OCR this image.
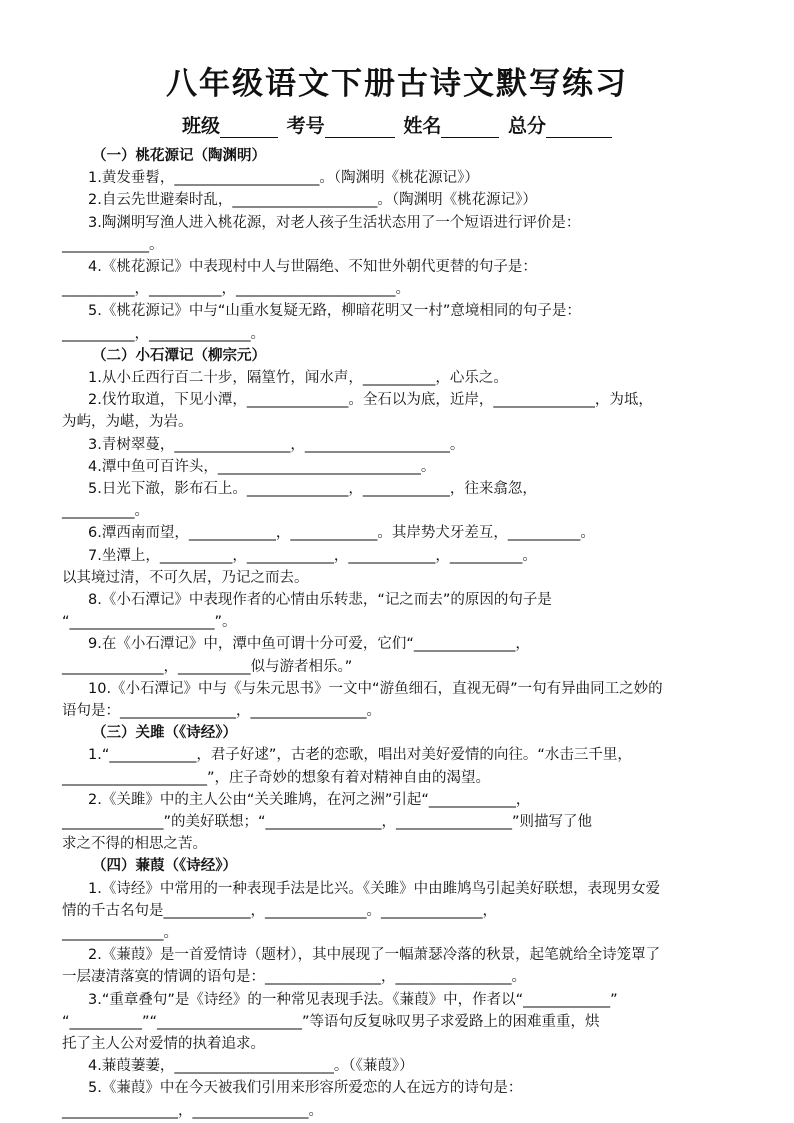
八年级语文下册古诗文默写练习
班级
	考号
	姓名
	总分
（一）桃花源记（陶渊明）
1.黄发垂髫，____________________。（陶渊明《桃花源记》）
2.自云先世避秦时乱，____________________。（陶渊明《桃花源记》）
3.陶渊明写渔人进入桃花源，对老人孩子生活状态用了一个短语进行评价是：
____________。
4.《桃花源记》中表现村中人与世隔绝、不知世外朝代更替的句子是：
__________，__________，______________________。
5.《桃花源记》中与“山重水复疑无路，柳暗花明又一村”意境相同的句子是：
__________，______________。
（二）小石潭记（柳宗元）
1.从小丘西行百二十步，隔篁竹，闻水声，__________，心乐之。
2.伐竹取道，下见小潭，______________。全石以为底，近岸，______________，为坻，
为屿，为嵁，为岩。
3.青树翠蔓，________________，____________________。
4.潭中鱼可百许头，____________________________。
5.日光下澈，影布石上。______________，____________，往来翕忽，
__________。
6.潭西南而望，____________，____________。其岸势犬牙差互，__________。
7.坐潭上，__________，____________，____________，__________。
以其境过清，不可久居，乃记之而去。
8.《小石潭记》中表现作者的心情由乐转悲，“记之而去”的原因的句子是
“____________________”。
9.在《小石潭记》中，潭中鱼可谓十分可爱，它们“______________，
______________，__________似与游者相乐。”
10.《小石潭记》中与《与朱元思书》一文中“游鱼细石，直视无碍”一句有异曲同工之妙的
语句是：________________，________________。
（三）关雎（《诗经》）
1.“____________，君子好逑”，古老的恋歌，唱出对美好爱情的向往。“水击三千里，
____________________”，庄子奇妙的想象有着对精神自由的渴望。
2.《关雎》中的主人公由“关关雎鸠，在河之洲”引起“____________，
______________”的美好联想；“________________，________________”则描写了他
求之不得的相思之苦。
（四）蒹葭（《诗经》）
1.《诗经》中常用的一种表现手法是比兴。《关雎》中由雎鸠鸟引起美好联想，表现男女爱
情的千古名句是____________，______________。______________，
______________。
2.《蒹葭》是一首爱情诗（题材），其中展现了一幅萧瑟冷落的秋景，起笔就给全诗笼罩了
一层凄清落寞的情调的语句是：________________，________________。
3.“重章叠句”是《诗经》的一种常见表现手法。《蒹葭》中，作者以“____________”
“__________”“____________________”等语句反复咏叹男子求爱路上的困难重重，烘
托了主人公对爱情的执着追求。
4.蒹葭萋萋，______________________。（《蒹葭》）
5.《蒹葭》中在今天被我们引用来形容所爱恋的人在远方的诗句是：
________________，________________。
